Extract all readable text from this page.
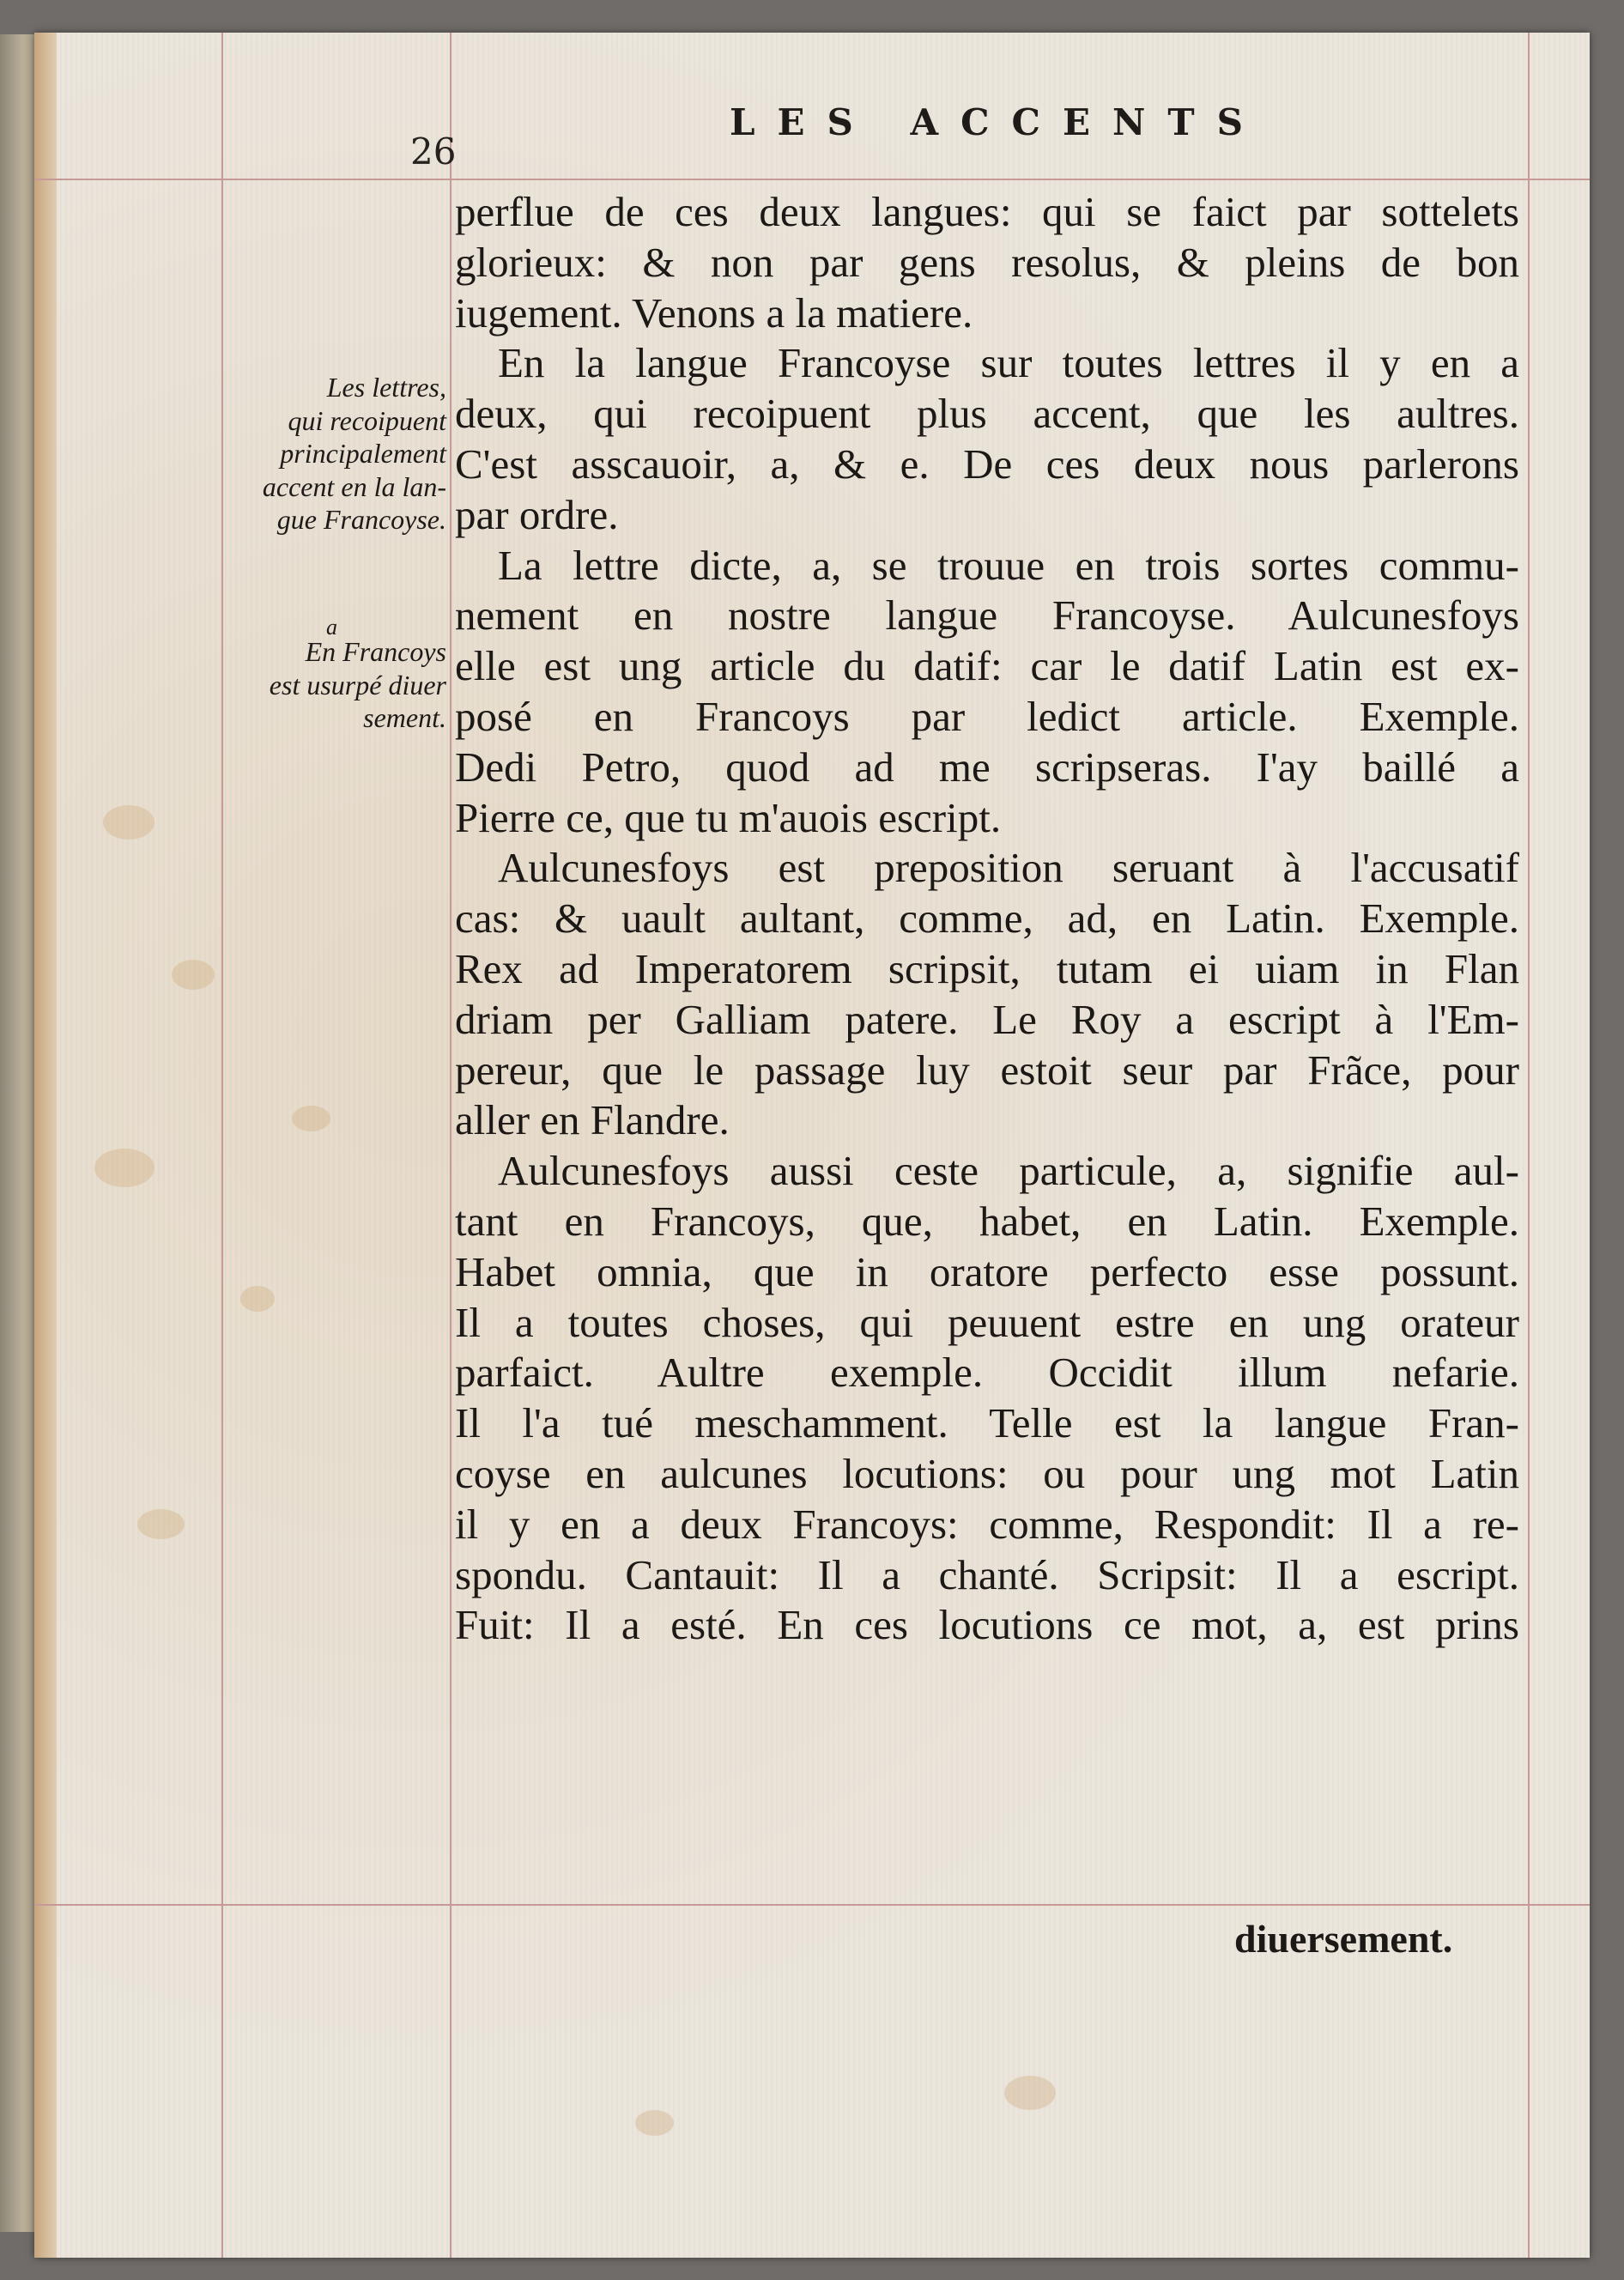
26
LES ACCENTS
Les lettres,
qui recoipuent
principalement
accent en la lan-
gue Francoyse.
a
En Francoys
est usurpé diuer
sement.
perflue de ces deux langues: qui se faict par sottelets
glorieux: & non par gens resolus, & pleins de bon
iugement. Venons a la matiere.
En la langue Francoyse sur toutes lettres il y en a
deux, qui recoipuent plus accent, que les aultres.
C'est asscauoir, a, & e. De ces deux nous parlerons
par ordre.
La lettre dicte, a, se trouue en trois sortes commu-
nement en nostre langue Francoyse. Aulcunesfoys
elle est ung article du datif: car le datif Latin est ex-
posé en Francoys par ledict article. Exemple.
Dedi Petro, quod ad me scripseras. I'ay baillé a
Pierre ce, que tu m'auois escript.
Aulcunesfoys est preposition seruant à l'accusatif
cas: & uault aultant, comme, ad, en Latin. Exemple.
Rex ad Imperatorem scripsit, tutam ei uiam in Flan
driam per Galliam patere. Le Roy a escript à l'Em-
pereur, que le passage luy estoit seur par Frãce, pour
aller en Flandre.
Aulcunesfoys aussi ceste particule, a, signifie aul-
tant en Francoys, que, habet, en Latin. Exemple.
Habet omnia, que in oratore perfecto esse possunt.
Il a toutes choses, qui peuuent estre en ung orateur
parfaict. Aultre exemple. Occidit illum nefarie.
Il l'a tué meschamment. Telle est la langue Fran-
coyse en aulcunes locutions: ou pour ung mot Latin
il y en a deux Francoys: comme, Respondit: Il a re-
spondu. Cantauit: Il a chanté. Scripsit: Il a escript.
Fuit: Il a esté. En ces locutions ce mot, a, est prins
diuersement.
